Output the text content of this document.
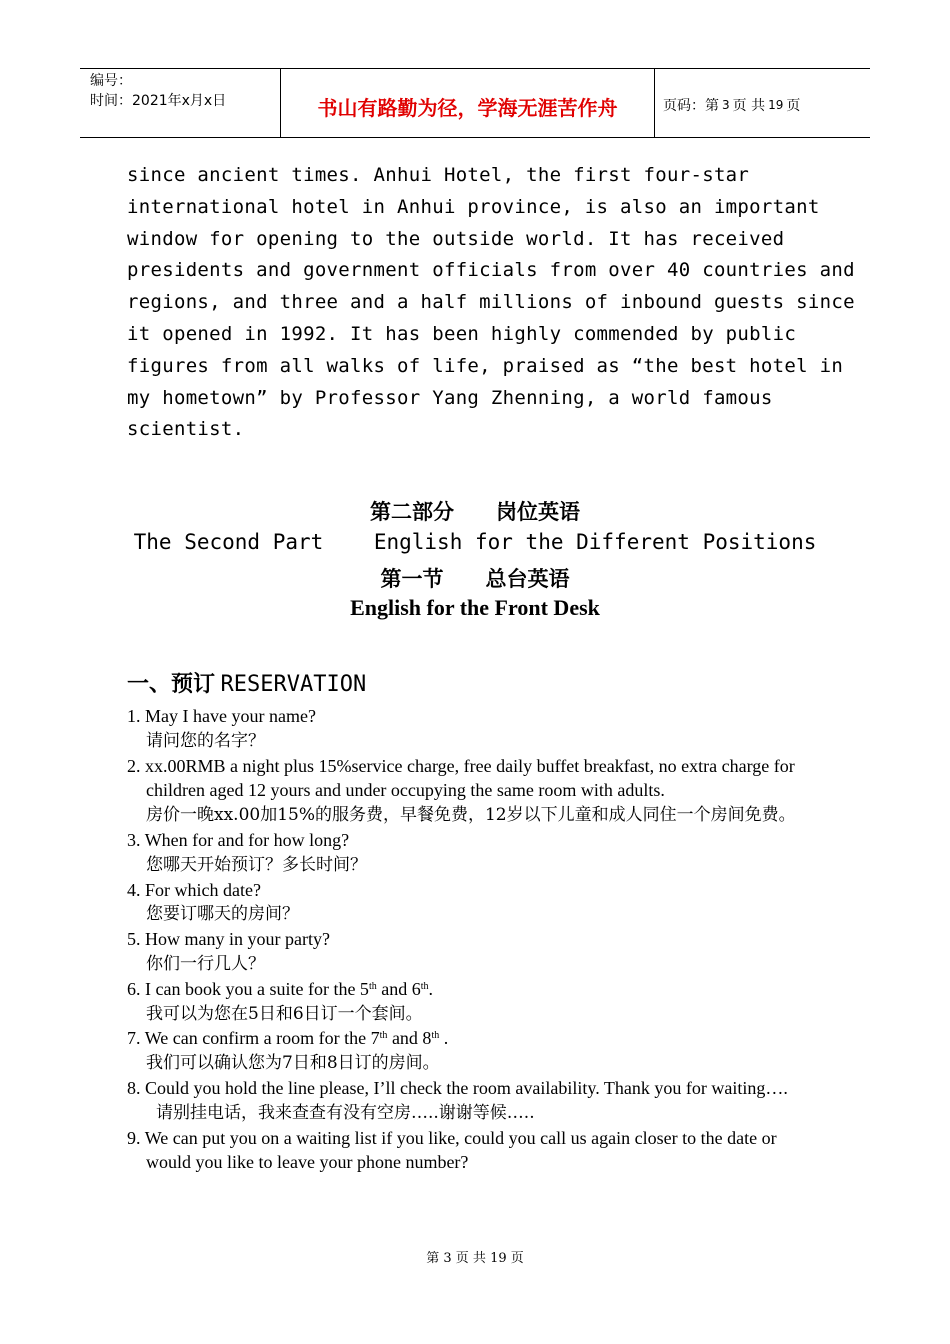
编号：
时间：2021年x月x日	书山有路勤为径，学海无涯苦作舟	页码：第 3 页 共 19 页
since ancient times. Anhui Hotel, the first four-star
international hotel in Anhui province, is also an important
window for opening to the outside world. It has received
presidents and government officials from over 40 countries and
regions, and three and a half millions of inbound guests since
it opened in 1992. It has been highly commended by public
figures from all walks of life, praised as “the best hotel in
my hometown” by Professor Yang Zhenning, a world famous
scientist.
第二部分　　岗位英语
The Second Part    English for the Different Positions
第一节　　总台英语
English for the Front Desk
一、预订 RESERVATION
1. May I have your name?
请问您的名字？
2. xx.00RMB a night plus 15%service charge, free daily buffet breakfast, no extra charge for children aged 12 yours and under occupying the same room with adults.
房价一晚xx.00加15%的服务费，早餐免费，12岁以下儿童和成人同住一个房间免费。
3. When for and for how long?
您哪天开始预订？多长时间？
4. For which date?
您要订哪天的房间？
5. How many in your party?
你们一行几人？
6. I can book you a suite for the 5th and 6th.
我可以为您在5日和6日订一个套间。
7. We can confirm a room for the 7th and 8th .
我们可以确认您为7日和8日订的房间。
8. Could you hold the line please, I’ll check the room availability. Thank you for waiting….
请别挂电话，我来查查有没有空房…..谢谢等候…..
9. We can put you on a waiting list if you like, could you call us again closer to the date or would you like to leave your phone number?
第 3 页 共 19 页
